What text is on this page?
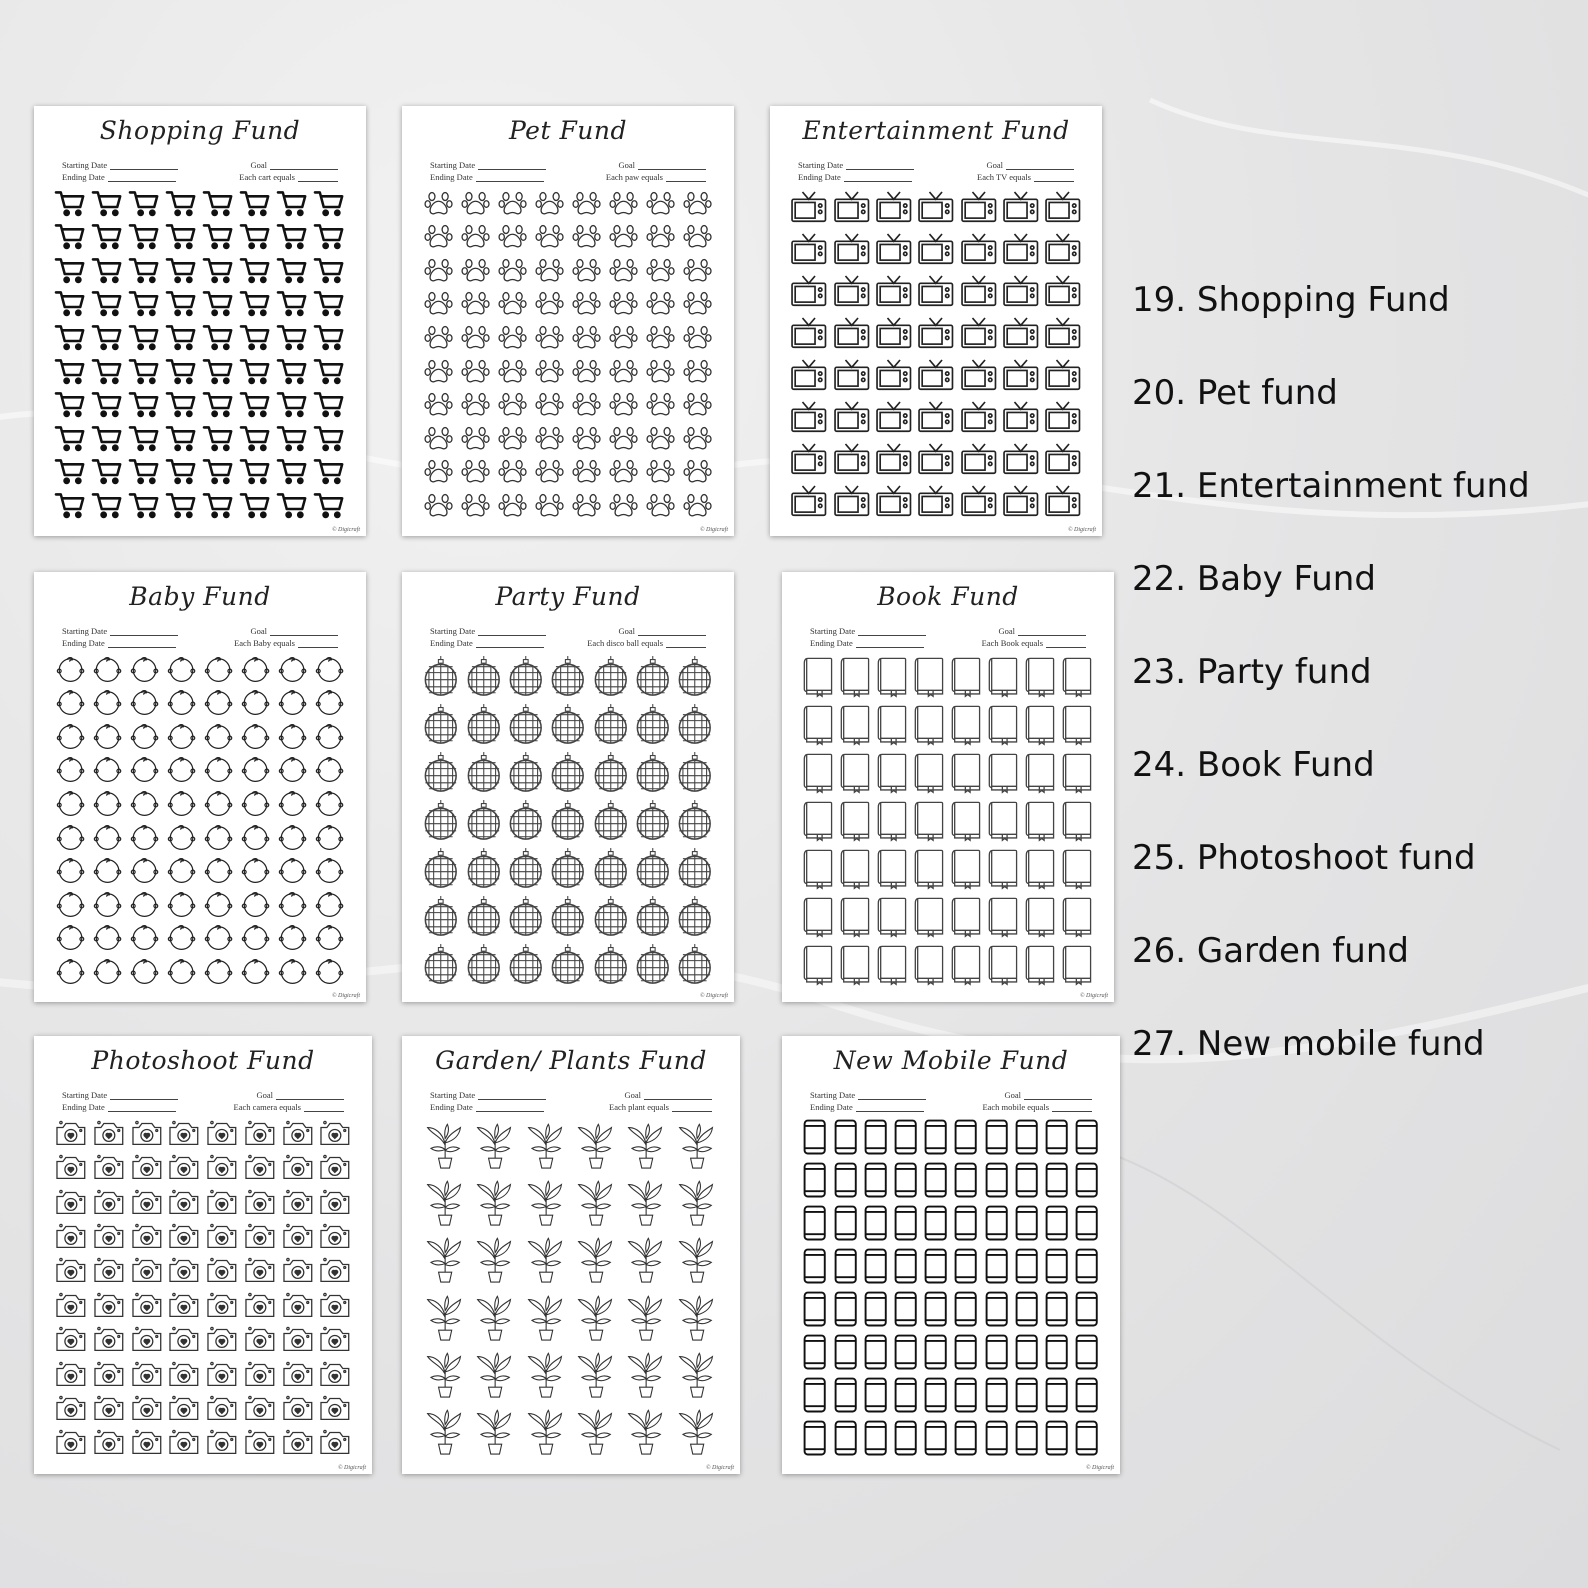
Shopping Fund
Starting Date	Goal
Ending Date	Each cart equals
© Digicraft
Pet Fund
Starting Date	Goal
Ending Date	Each paw equals
© Digicraft
Entertainment Fund
Starting Date	Goal
Ending Date	Each TV equals
© Digicraft
Baby Fund
Starting Date	Goal
Ending Date	Each Baby equals
© Digicraft
Party Fund
Starting Date	Goal
Ending Date	Each disco ball equals
© Digicraft
Book Fund
Starting Date	Goal
Ending Date	Each Book equals
© Digicraft
Photoshoot Fund
Starting Date	Goal
Ending Date	Each camera equals
© Digicraft
Garden/ Plants Fund
Starting Date	Goal
Ending Date	Each plant equals
© Digicraft
New Mobile Fund
Starting Date	Goal
Ending Date	Each mobile equals
© Digicraft
19. Shopping Fund
20. Pet fund
21. Entertainment fund
22. Baby Fund
23. Party fund
24. Book Fund
25. Photoshoot fund
26. Garden fund
27. New mobile fund
